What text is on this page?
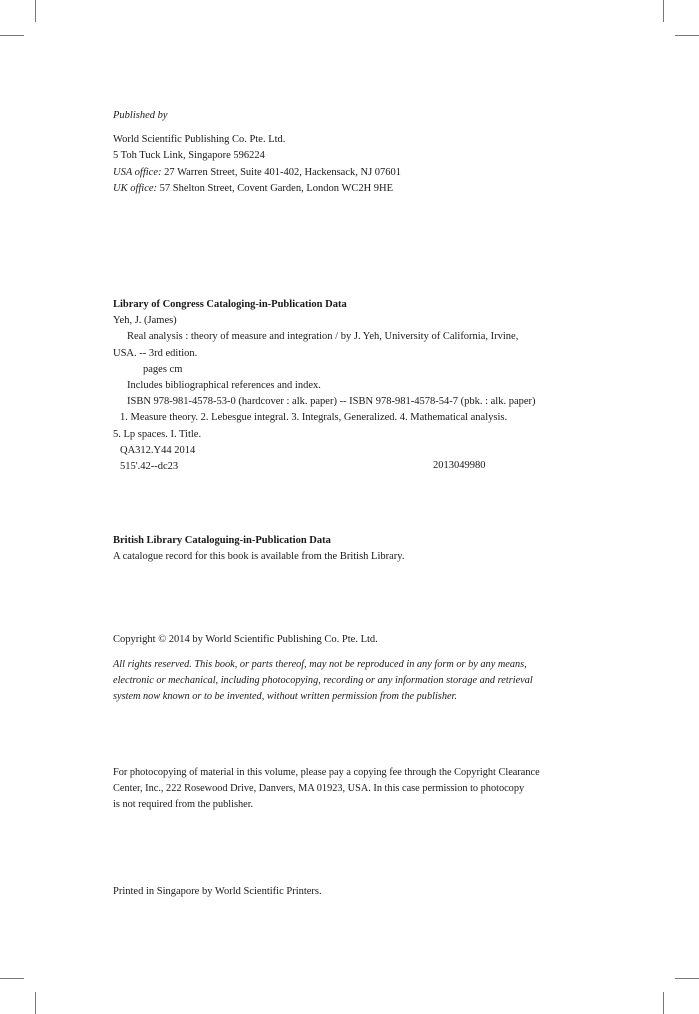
Published by
World Scientific Publishing Co. Pte. Ltd.
5 Toh Tuck Link, Singapore 596224
USA office: 27 Warren Street, Suite 401-402, Hackensack, NJ 07601
UK office: 57 Shelton Street, Covent Garden, London WC2H 9HE
Library of Congress Cataloging-in-Publication Data
Yeh, J. (James)
Real analysis : theory of measure and integration / by J. Yeh, University of California, Irvine,
USA. -- 3rd edition.
pages cm
Includes bibliographical references and index.
ISBN 978-981-4578-53-0 (hardcover : alk. paper) -- ISBN 978-981-4578-54-7 (pbk. : alk. paper)
1. Measure theory. 2. Lebesgue integral. 3. Integrals, Generalized. 4. Mathematical analysis.
5. Lp spaces. I. Title.
QA312.Y44 2014
515'.42--dc23	2013049980
British Library Cataloguing-in-Publication Data
A catalogue record for this book is available from the British Library.
Copyright © 2014 by World Scientific Publishing Co. Pte. Ltd.
All rights reserved. This book, or parts thereof, may not be reproduced in any form or by any means,
electronic or mechanical, including photocopying, recording or any information storage and retrieval
system now known or to be invented, without written permission from the publisher.
For photocopying of material in this volume, please pay a copying fee through the Copyright Clearance
Center, Inc., 222 Rosewood Drive, Danvers, MA 01923, USA. In this case permission to photocopy
is not required from the publisher.
Printed in Singapore by World Scientific Printers.
